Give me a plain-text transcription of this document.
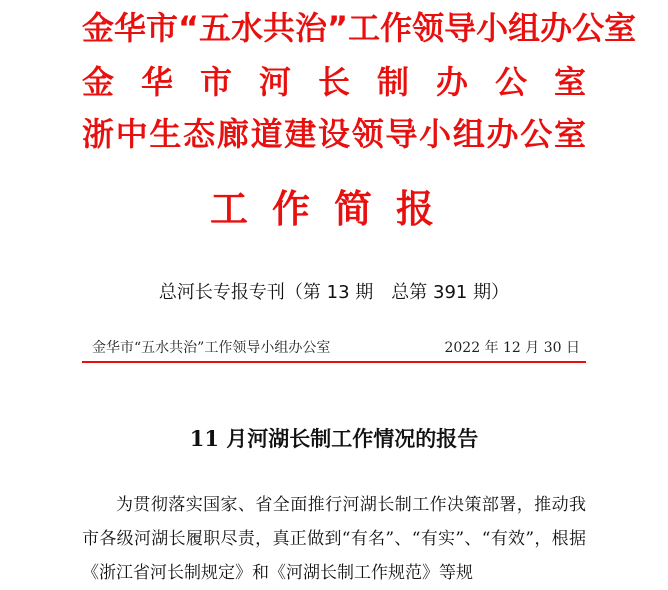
金华市“五水共治”工作领导小组办公室
金华市河长制办公室
浙中生态廊道建设领导小组办公室
工作简报
总河长专报专刊（第 13 期　总第 391 期）
金华市“五水共治”工作领导小组办公室	2022 年 12 月 30 日
11 月河湖长制工作情况的报告
为贯彻落实国家、省全面推行河湖长制工作决策部署，推动我市各级河湖长履职尽责，真正做到“有名”、“有实”、“有效”，根据《浙江省河长制规定》和《河湖长制工作规范》等规
